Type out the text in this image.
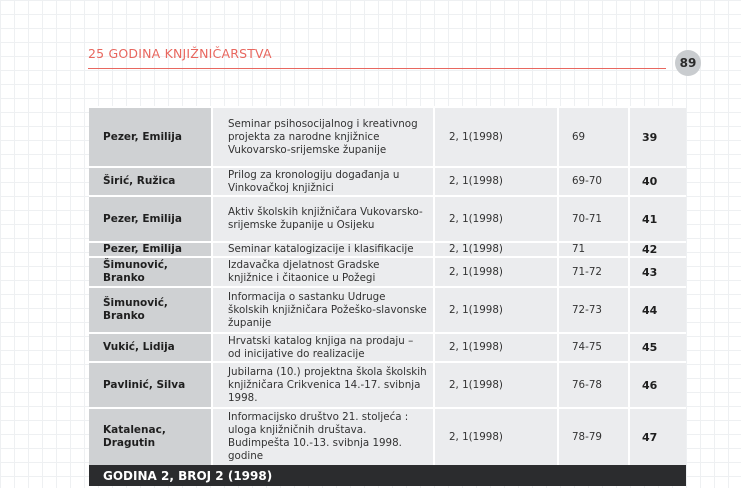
25 GODINA KNJIŽNIČARSTVA
89
Pezer, Emilija	Seminar psihosocijalnog i kreativnog projekta za narodne knjižnice Vukovarsko-srijemske županije	2, 1(1998)	69	39
Širić, Ružica	Prilog za kronologiju događanja u Vinkovačkoj knjižnici	2, 1(1998)	69-70	40
Pezer, Emilija	Aktiv školskih knjižničara Vukovarsko-srijemske županije u Osijeku	2, 1(1998)	70-71	41
Pezer, Emilija	Seminar katalogizacije i klasifikacije	2, 1(1998)	71	42
Šimunović, Branko	Izdavačka djelatnost Gradske knjižnice i čitaonice u Požegi	2, 1(1998)	71-72	43
Šimunović, Branko	Informacija o sastanku Udruge školskih knjižničara Požeško-slavonske županije	2, 1(1998)	72-73	44
Vukić, Lidija	Hrvatski katalog knjiga na prodaju – od inicijative do realizacije	2, 1(1998)	74-75	45
Pavlinić, Silva	Jubilarna (10.) projektna škola školskih knjižničara Crikvenica 14.-17. svibnja 1998.	2, 1(1998)	76-78	46
Katalenac, Dragutin	Informacijsko društvo 21. stoljeća : uloga knjižničnih društava. Budimpešta 10.-13. svibnja 1998. godine	2, 1(1998)	78-79	47
GODINA 2, BROJ 2 (1998)
